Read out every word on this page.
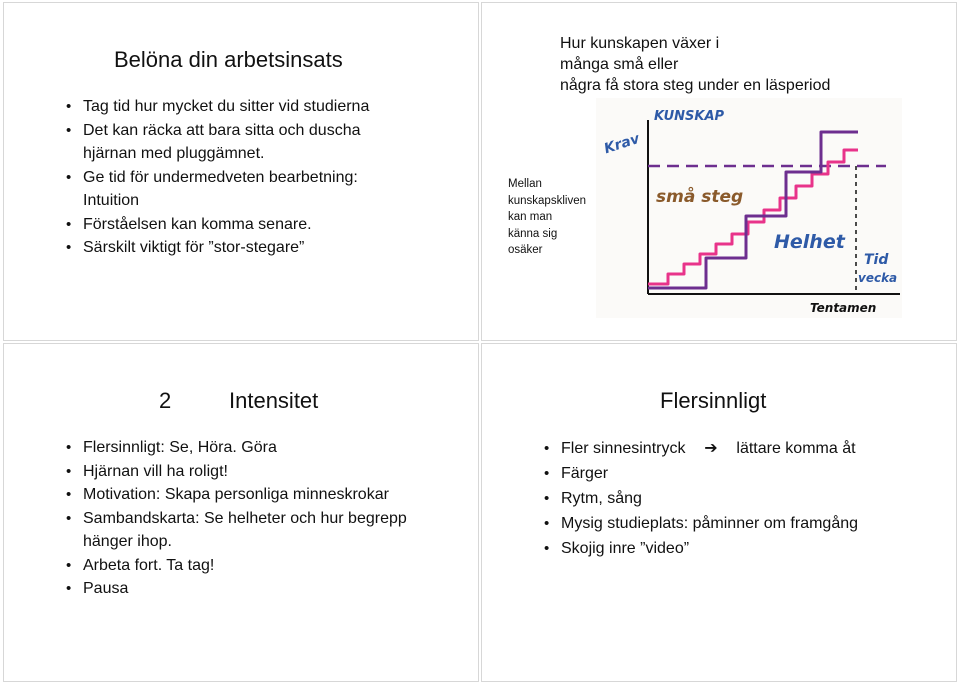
Belöna din arbetsinsats
• Tag tid hur mycket du sitter vid studierna
• Det kan räcka att bara sitta och duscha hjärnan med pluggämnet.
• Ge tid för undermedveten bearbetning: Intuition
• Förståelsen kan komma senare.
• Särskilt viktigt för ”stor-stegare”
Hur kunskapen växer i
många små eller
några få stora steg under en läsperiod
Mellan
kunskapskliven
kan man
känna sig
osäker
KUNSKAP
Krav
små steg
Helhet
Tid
vecka
Tentamen
2	Intensitet
• Flersinnligt: Se, Höra. Göra
• Hjärnan vill ha roligt!
• Motivation: Skapa personliga minneskrokar
• Sambandskarta: Se helheter och hur begrepp hänger ihop.
• Arbeta fort. Ta tag!
• Pausa
Flersinnligt
• Fler sinnesintryck ➔ lättare komma åt
• Färger
• Rytm, sång
• Mysig studieplats: påminner om framgång
• Skojig inre ”video”
